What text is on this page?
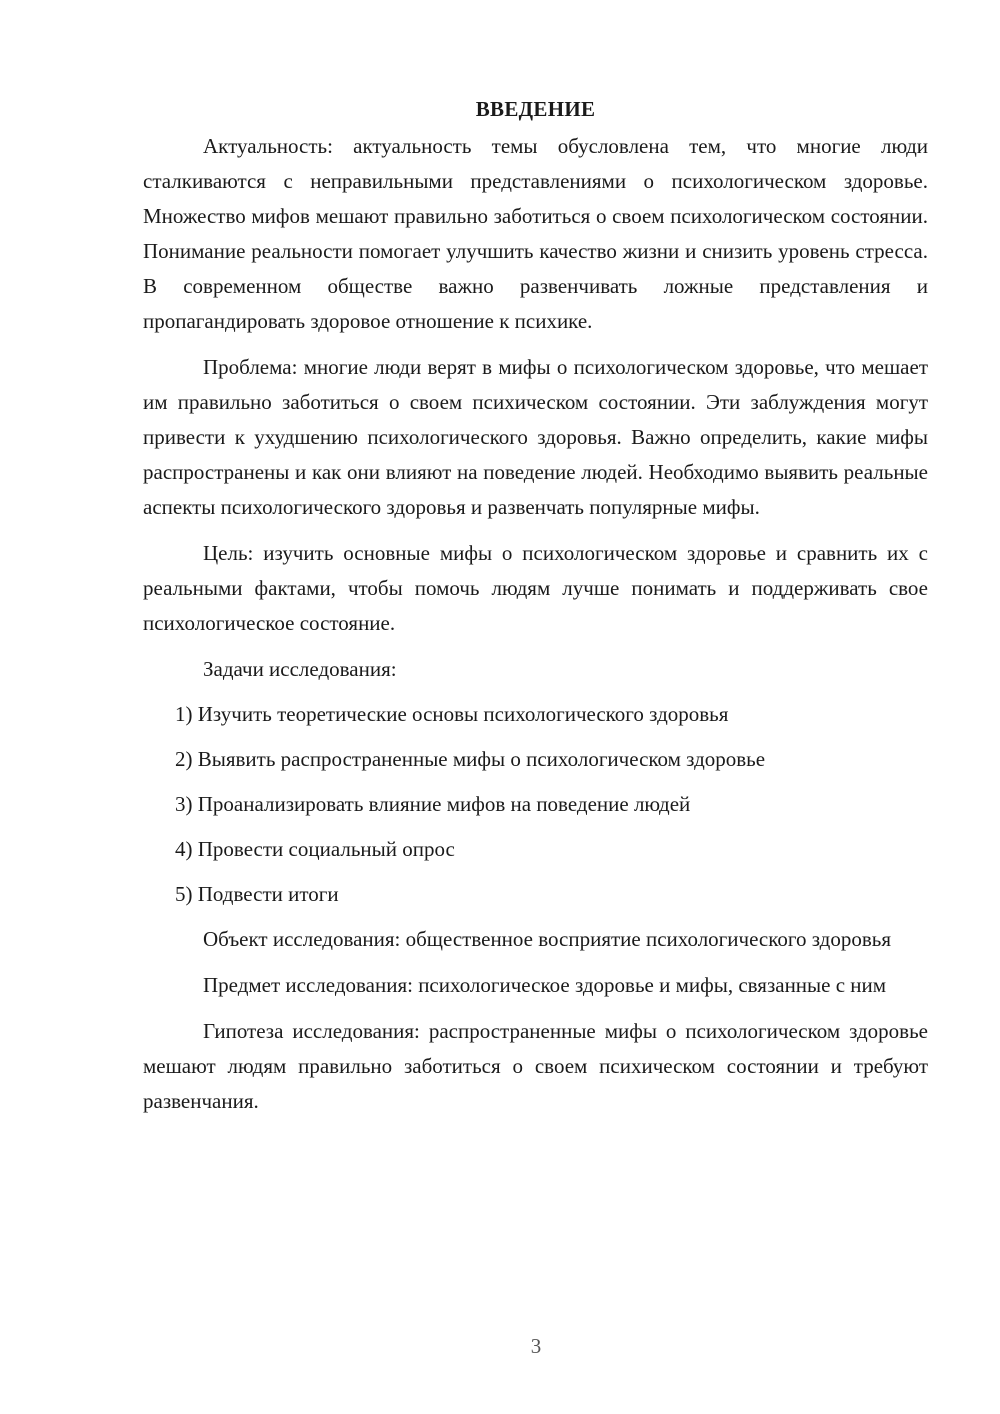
ВВЕДЕНИЕ

Актуальность: актуальность темы обусловлена тем, что многие люди сталкиваются с неправильными представлениями о психологическом здоровье. Множество мифов мешают правильно заботиться о своем психологическом состоянии. Понимание реальности помогает улучшить качество жизни и снизить уровень стресса. В современном обществе важно развенчивать ложные представления и пропагандировать здоровое отношение к психике.

Проблема: многие люди верят в мифы о психологическом здоровье, что мешает им правильно заботиться о своем психическом состоянии. Эти заблуждения могут привести к ухудшению психологического здоровья. Важно определить, какие мифы распространены и как они влияют на поведение людей. Необходимо выявить реальные аспекты психологического здоровья и развенчать популярные мифы.

Цель: изучить основные мифы о психологическом здоровье и сравнить их с реальными фактами, чтобы помочь людям лучше понимать и поддерживать свое психологическое состояние.

Задачи исследования:
1) Изучить теоретические основы психологического здоровья
2) Выявить распространенные мифы о психологическом здоровье
3) Проанализировать влияние мифов на поведение людей
4) Провести социальный опрос
5) Подвести итоги

Объект исследования: общественное восприятие психологического здоровья

Предмет исследования: психологическое здоровье и мифы, связанные с ним

Гипотеза исследования: распространенные мифы о психологическом здоровье мешают людям правильно заботиться о своем психическом состоянии и требуют развенчания.

3
